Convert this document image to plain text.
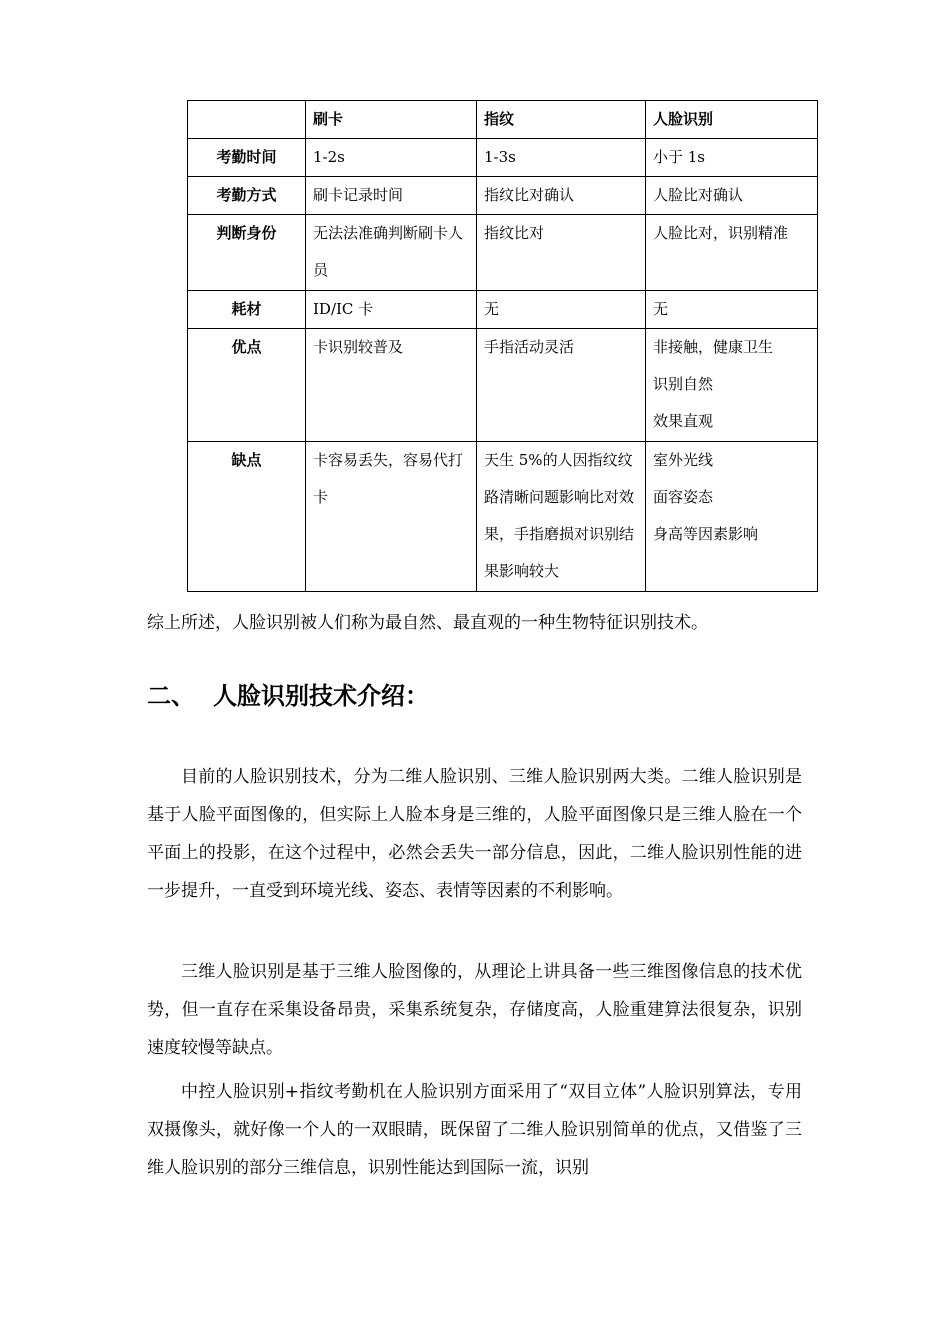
	刷卡	指纹	人脸识别
考勤时间	1-2s	1-3s	小于 1s

考勤方式	刷卡记录时间	指纹比对确认	人脸比对确认

判断身份	无法法准确判断刷卡人员	指纹比对	人脸比对，识别精准

耗材	ID/IC 卡	无	无

优点	卡识别较普及	手指活动灵活	非接触，健康卫生
识别自然
效果直观

缺点	卡容易丢失，容易代打卡	天生 5%的人因指纹纹路清晰问题影响比对效果，手指磨损对识别结果影响较大	室外光线
面容姿态
身高等因素影响
综上所述，人脸识别被人们称为最自然、最直观的一种生物特征识别技术。
二、 人脸识别技术介绍：

目前的人脸识别技术，分为二维人脸识别、三维人脸识别两大类。二维人脸识别是基于人脸平面图像的，但实际上人脸本身是三维的，人脸平面图像只是三维人脸在一个平面上的投影，在这个过程中，必然会丢失一部分信息，因此，二维人脸识别性能的进一步提升，一直受到环境光线、姿态、表情等因素的不利影响。

三维人脸识别是基于三维人脸图像的，从理论上讲具备一些三维图像信息的技术优势，但一直存在采集设备昂贵，采集系统复杂，存储度高，人脸重建算法很复杂，识别速度较慢等缺点。

中控人脸识别+指纹考勤机在人脸识别方面采用了“双目立体”人脸识别算法，专用双摄像头，就好像一个人的一双眼睛，既保留了二维人脸识别简单的优点，又借鉴了三维人脸识别的部分三维信息，识别性能达到国际一流，识别
